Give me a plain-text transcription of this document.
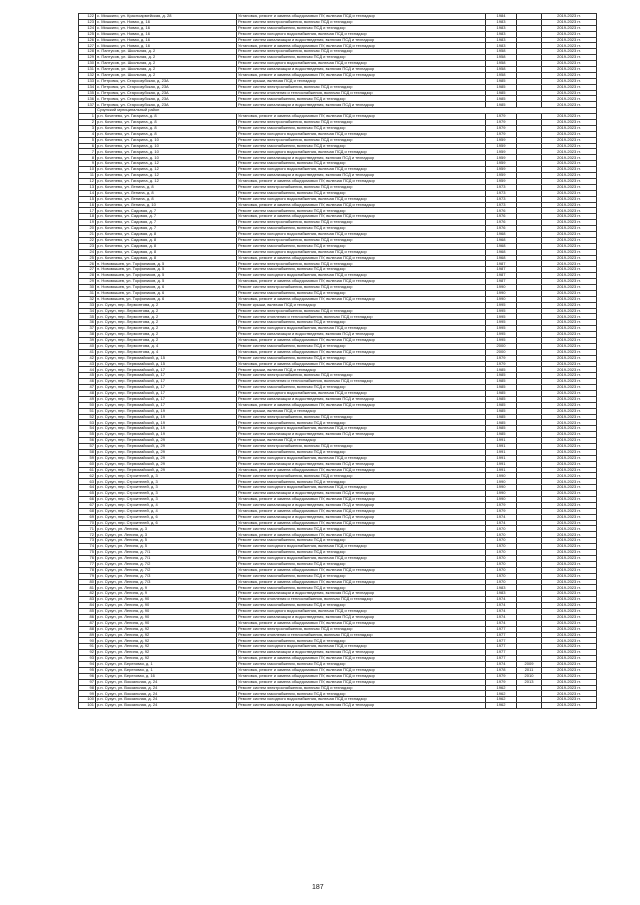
122	с. Мишкино, ул. Красноармейская, д. 28	Установка, ремонт и замена общедомовых ПУ, включая ПСД и технадзор	1984		2019-2023 гг.
123	с. Мишкино, ул. Новая, д. 16	Ремонт систем электроснабжения, включая ПСД и технадзор	1983		2019-2023 гг.
124	с. Мишкино, ул. Новая, д. 16	Ремонт систем газоснабжения, включая ПСД и технадзор	1983		2019-2023 гг.
125	с. Мишкино, ул. Новая, д. 16	Ремонт систем холодного водоснабжения, включая ПСД и технадзор	1983		2019-2023 гг.
126	с. Мишкино, ул. Новая, д. 16	Ремонт систем канализации и водоотведения, включая ПСД и технадзор	1983		2019-2023 гг.
127	с. Мишкино, ул. Новая, д. 16	Установка, ремонт и замена общедомовых ПУ, включая ПСД и технадзор	1983		2019-2023 гг.
128	п. Пантусов, ул. Школьная, д. 2	Ремонт систем электроснабжения, включая ПСД и технадзор	1958		2019-2023 гг.
129	п. Пантусов, ул. Школьная, д. 2	Ремонт систем газоснабжения, включая ПСД и технадзор	1958		2019-2023 гг.
130	п. Пантусов, ул. Школьная, д. 2	Ремонт систем холодного водоснабжения, включая ПСД и технадзор	1958		2019-2023 гг.
131	п. Пантусов, ул. Школьная, д. 2	Ремонт систем канализации и водоотведения, включая ПСД и технадзор	1958		2019-2023 гг.
132	п. Пантусов, ул. Школьная, д. 2	Установка, ремонт и замена общедомовых ПУ, включая ПСД и технадзор	1958		2019-2023 гг.
133	с. Петровск, ул. Староозубская, д. 23А	Ремонт крыши, включая ПСД и технадзор	1985		2019-2023 гг.
134	с. Петровск, ул. Староозубская, д. 23А	Ремонт систем электроснабжения, включая ПСД и технадзор	1985		2019-2023 гг.
135	с. Петровск, ул. Староозубская, д. 23А	Ремонт систем отопления и теплоснабжения, включая ПСД и технадзор	1985		2019-2023 гг.
136	с. Петровск, ул. Староозубская, д. 23А	Ремонт систем газоснабжения, включая ПСД и технадзор	1985		2019-2023 гг.
137	с. Петровск, ул. Староозубская, д. 23А	Ремонт систем канализации и водоотведения, включая ПСД и технадзор	1985		2019-2023 гг.
	Сузунский муниципальный район				
1	р.п. Коченево, ул. Гагарина, д. 8	Установка, ремонт и замена общедомовых ПУ, включая ПСД и технадзор	1979		2019-2023 гг.
2	р.п. Коченево, ул. Гагарина, д. 8	Ремонт систем электроснабжения, включая ПСД и технадзор	1979		2019-2023 гг.
3	р.п. Коченево, ул. Гагарина, д. 8	Ремонт систем газоснабжения, включая ПСД и технадзор	1979		2019-2023 гг.
4	р.п. Коченево, ул. Гагарина, д. 8	Ремонт систем холодного водоснабжения, включая ПСД и технадзор	1979		2019-2023 гг.
5	р.п. Коченево, ул. Гагарина, д. 10	Ремонт систем электроснабжения, включая ПСД и технадзор	1959		2019-2023 гг.
6	р.п. Коченево, ул. Гагарина, д. 10	Ремонт систем газоснабжения, включая ПСД и технадзор	1959		2019-2023 гг.
7	р.п. Коченево, ул. Гагарина, д. 10	Ремонт систем холодного водоснабжения, включая ПСД и технадзор	1959		2019-2023 гг.
8	р.п. Коченево, ул. Гагарина, д. 10	Ремонт систем канализации и водоотведения, включая ПСД и технадзор	1959		2019-2023 гг.
9	р.п. Коченево, ул. Гагарина, д. 12	Ремонт систем газоснабжения, включая ПСД и технадзор	1959		2019-2023 гг.
10	р.п. Коченево, ул. Гагарина, д. 12	Ремонт систем холодного водоснабжения, включая ПСД и технадзор	1959		2019-2023 гг.
11	р.п. Коченево, ул. Гагарина, д. 12	Ремонт систем канализации и водоотведения, включая ПСД и технадзор	1959		2019-2023 гг.
12	р.п. Коченево, ул. Гагарина, д. 12	Установка, ремонт и замена общедомовых ПУ, включая ПСД и технадзор	1959		2019-2023 гг.
13	р.п. Коченево, ул. Ленина, д. 8	Ремонт систем электроснабжения, включая ПСД и технадзор	1973		2019-2023 гг.
14	р.п. Коченево, ул. Ленина, д. 8	Ремонт систем газоснабжения, включая ПСД и технадзор	1973		2019-2023 гг.
15	р.п. Коченево, ул. Ленина, д. 8	Ремонт систем холодного водоснабжения, включая ПСД и технадзор	1973		2019-2023 гг.
16	р.п. Коченево, ул. Ленина, д. 10	Установка, ремонт и замена общедомовых ПУ, включая ПСД и технадзор	1973		2019-2023 гг.
17	р.п. Коченево, ул. Садовая, д. 7	Ремонт систем газоснабжения, включая ПСД и технадзор	1976		2019-2023 гг.
18	р.п. Коченево, ул. Садовая, д. 7	Установка, ремонт и замена общедомовых ПУ, включая ПСД и технадзор	1976		2019-2023 гг.
19	р.п. Коченево, ул. Садовая, д. 7	Ремонт систем электроснабжения, включая ПСД и технадзор	1976		2019-2023 гг.
20	р.п. Коченево, ул. Садовая, д. 7	Ремонт систем газоснабжения, включая ПСД и технадзор	1976		2019-2023 гг.
21	р.п. Коченево, ул. Садовая, д. 8	Ремонт систем холодного водоснабжения, включая ПСД и технадзор	1968		2019-2023 гг.
22	р.п. Коченево, ул. Садовая, д. 8	Ремонт систем электроснабжения, включая ПСД и технадзор	1968		2019-2023 гг.
23	р.п. Коченево, ул. Садовая, д. 8	Ремонт систем газоснабжения, включая ПСД и технадзор	1968		2019-2023 гг.
24	р.п. Коченево, ул. Садовая, д. 8	Ремонт систем холодного водоснабжения, включая ПСД и технадзор	1968		2019-2023 гг.
25	р.п. Коченево, ул. Садовая, д. 8	Установка, ремонт и замена общедомовых ПУ, включая ПСД и технадзор	1968		2019-2023 гг.
26	п. Новомышев, ул. Торфяников, д. 5	Ремонт систем электроснабжения, включая ПСД и технадзор	1987		2019-2023 гг.
27	п. Новомышев, ул. Торфяников, д. 5	Ремонт систем газоснабжения, включая ПСД и технадзор	1987		2019-2023 гг.
28	п. Новомышев, ул. Торфяников, д. 5	Ремонт систем холодного водоснабжения, включая ПСД и технадзор	1987		2019-2023 гг.
29	п. Новомышев, ул. Торфяников, д. 5	Установка, ремонт и замена общедомовых ПУ, включая ПСД и технадзор	1987		2019-2023 гг.
30	п. Новомышев, ул. Торфяников, д. 6	Ремонт систем электроснабжения, включая ПСД и технадзор	1990		2019-2023 гг.
31	п. Новомышев, ул. Торфяников, д. 6	Ремонт систем газоснабжения, включая ПСД и технадзор	1990		2019-2023 гг.
32	п. Новомышев, ул. Торфяников, д. 6	Установка, ремонт и замена общедомовых ПУ, включая ПСД и технадзор	1990		2019-2023 гг.
33	р.п. Сузун, пер. Лермонтова, д. 2	Ремонт крыши, включая ПСД и технадзор	1995		2019-2023 гг.
34	р.п. Сузун, пер. Лермонтова, д. 2	Ремонт систем электроснабжения, включая ПСД и технадзор	1995		2019-2023 гг.
35	р.п. Сузун, пер. Лермонтова, д. 2	Ремонт систем отопления и теплоснабжения, включая ПСД и технадзор	1995		2019-2023 гг.
36	р.п. Сузун, пер. Лермонтова, д. 2	Ремонт систем газоснабжения, включая ПСД и технадзор	1995		2019-2023 гг.
37	р.п. Сузун, пер. Лермонтова, д. 2	Ремонт систем холодного водоснабжения, включая ПСД и технадзор	1995		2019-2023 гг.
38	р.п. Сузун, пер. Лермонтова, д. 2	Ремонт систем канализации и водоотведения, включая ПСД и технадзор	1995		2019-2023 гг.
39	р.п. Сузун, пер. Лермонтова, д. 2	Установка, ремонт и замена общедомовых ПУ, включая ПСД и технадзор	1995		2019-2023 гг.
40	р.п. Сузун, пер. Лермонтова, д. 4	Ремонт систем газоснабжения, включая ПСД и технадзор	2000		2019-2023 гг.
41	р.п. Сузун, пер. Лермонтова, д. 4	Установка, ремонт и замена общедомовых ПУ, включая ПСД и технадзор	2000		2019-2023 гг.
42	р.п. Сузун, пер. Первомайский, д. 15	Ремонт систем газоснабжения, включая ПСД и технадзор	1979		2019-2023 гг.
43	р.п. Сузун, пер. Первомайский, д. 15	Установка, ремонт и замена общедомовых ПУ, включая ПСД и технадзор	1979		2019-2023 гг.
44	р.п. Сузун, пер. Первомайский, д. 17	Ремонт крыши, включая ПСД и технадзор	1985		2019-2023 гг.
45	р.п. Сузун, пер. Первомайский, д. 17	Ремонт систем электроснабжения, включая ПСД и технадзор	1985		2019-2023 гг.
46	р.п. Сузун, пер. Первомайский, д. 17	Ремонт систем отопления и теплоснабжения, включая ПСД и технадзор	1985		2019-2023 гг.
47	р.п. Сузун, пер. Первомайский, д. 17	Ремонт систем газоснабжения, включая ПСД и технадзор	1985		2019-2023 гг.
48	р.п. Сузун, пер. Первомайский, д. 17	Ремонт систем холодного водоснабжения, включая ПСД и технадзор	1985		2019-2023 гг.
49	р.п. Сузун, пер. Первомайский, д. 17	Ремонт систем канализации и водоотведения, включая ПСД и технадзор	1985		2019-2023 гг.
50	р.п. Сузун, пер. Первомайский, д. 17	Установка, ремонт и замена общедомовых ПУ, включая ПСД и технадзор	1985		2019-2023 гг.
51	р.п. Сузун, пер. Первомайский, д. 19	Ремонт крыши, включая ПСД и технадзор	1985		2019-2023 гг.
52	р.п. Сузун, пер. Первомайский, д. 19	Ремонт систем электроснабжения, включая ПСД и технадзор	1985		2019-2023 гг.
53	р.п. Сузун, пер. Первомайский, д. 19	Ремонт систем газоснабжения, включая ПСД и технадзор	1985		2019-2023 гг.
54	р.п. Сузун, пер. Первомайский, д. 19	Ремонт систем холодного водоснабжения, включая ПСД и технадзор	1985		2019-2023 гг.
55	р.п. Сузун, пер. Первомайский, д. 19	Ремонт систем канализации и водоотведения, включая ПСД и технадзор	1985		2019-2023 гг.
56	р.п. Сузун, пер. Первомайский, д. 29	Ремонт крыши, включая ПСД и технадзор	1991		2019-2023 гг.
57	р.п. Сузун, пер. Первомайский, д. 29	Ремонт систем электроснабжения, включая ПСД и технадзор	1991		2019-2023 гг.
58	р.п. Сузун, пер. Первомайский, д. 29	Ремонт систем газоснабжения, включая ПСД и технадзор	1991		2019-2023 гг.
59	р.п. Сузун, пер. Первомайский, д. 29	Ремонт систем холодного водоснабжения, включая ПСД и технадзор	1991		2019-2023 гг.
60	р.п. Сузун, пер. Первомайский, д. 29	Ремонт систем канализации и водоотведения, включая ПСД и технадзор	1991		2019-2023 гг.
61	р.п. Сузун, пер. Первомайский, д. 29	Установка, ремонт и замена общедомовых ПУ, включая ПСД и технадзор	1991		2019-2023 гг.
62	р.п. Сузун, пер. Строителей, д. 3	Ремонт систем электроснабжения, включая ПСД и технадзор	1990		2019-2023 гг.
63	р.п. Сузун, пер. Строителей, д. 3	Ремонт систем газоснабжения, включая ПСД и технадзор	1990		2019-2023 гг.
64	р.п. Сузун, пер. Строителей, д. 3	Ремонт систем холодного водоснабжения, включая ПСД и технадзор	1990		2019-2023 гг.
65	р.п. Сузун, пер. Строителей, д. 3	Ремонт систем канализации и водоотведения, включая ПСД и технадзор	1990		2019-2023 гг.
66	р.п. Сузун, пер. Строителей, д. 3	Установка, ремонт и замена общедомовых ПУ, включая ПСД и технадзор	1990		2019-2023 гг.
67	р.п. Сузун, пер. Строителей, д. 4	Ремонт систем канализации и водоотведения, включая ПСД и технадзор	1979		2019-2023 гг.
68	р.п. Сузун, пер. Строителей, д. 4	Установка, ремонт и замена общедомовых ПУ, включая ПСД и технадзор	1979		2019-2023 гг.
69	р.п. Сузун, пер. Строителей, д. 6	Ремонт систем канализации и водоотведения, включая ПСД и технадзор	1974		2019-2023 гг.
70	р.п. Сузун, пер. Строителей, д. 6	Установка, ремонт и замена общедомовых ПУ, включая ПСД и технадзор	1974		2019-2023 гг.
71	р.п. Сузун, ул. Ленина, д. 3	Ремонт систем газоснабжения, включая ПСД и технадзор	1970		2019-2023 гг.
72	р.п. Сузун, ул. Ленина, д. 3	Установка, ремонт и замена общедомовых ПУ, включая ПСД и технадзор	1970		2019-2023 гг.
73	р.п. Сузун, ул. Ленина, д. 5	Ремонт систем газоснабжения, включая ПСД и технадзор	1970		2019-2023 гг.
74	р.п. Сузун, ул. Ленина, д. 5	Ремонт систем холодного водоснабжения, включая ПСД и технадзор	1970		2019-2023 гг.
75	р.п. Сузун, ул. Ленина, д. 7/1	Ремонт систем газоснабжения, включая ПСД и технадзор	1970		2019-2023 гг.
76	р.п. Сузун, ул. Ленина, д. 7/1	Ремонт систем холодного водоснабжения, включая ПСД и технадзор	1970		2019-2023 гг.
77	р.п. Сузун, ул. Ленина, д. 7/2	Ремонт систем газоснабжения, включая ПСД и технадзор	1970		2019-2023 гг.
78	р.п. Сузун, ул. Ленина, д. 7/2	Установка, ремонт и замена общедомовых ПУ, включая ПСД и технадзор	1970		2019-2023 гг.
79	р.п. Сузун, ул. Ленина, д. 7/3	Ремонт систем газоснабжения, включая ПСД и технадзор	1970		2019-2023 гг.
80	р.п. Сузун, ул. Ленина, д. 7/3	Установка, ремонт и замена общедомовых ПУ, включая ПСД и технадзор	1970		2019-2023 гг.
81	р.п. Сузун, ул. Ленина, д. 9	Ремонт систем газоснабжения, включая ПСД и технадзор	1983		2019-2023 гг.
82	р.п. Сузун, ул. Ленина, д. 9	Ремонт систем канализации и водоотведения, включая ПСД и технадзор	1983		2019-2023 гг.
83	р.п. Сузун, ул. Ленина, д. 90	Ремонт систем отопления и теплоснабжения, включая ПСД и технадзор	1974		2019-2023 гг.
84	р.п. Сузун, ул. Ленина, д. 90	Ремонт систем газоснабжения, включая ПСД и технадзор	1974		2019-2023 гг.
85	р.п. Сузун, ул. Ленина, д. 90	Ремонт систем холодного водоснабжения, включая ПСД и технадзор	1974		2019-2023 гг.
86	р.п. Сузун, ул. Ленина, д. 90	Ремонт систем канализации и водоотведения, включая ПСД и технадзор	1974		2019-2023 гг.
87	р.п. Сузун, ул. Ленина, д. 90	Установка, ремонт и замена общедомовых ПУ, включая ПСД и технадзор	1974		2019-2023 гг.
88	р.п. Сузун, ул. Ленина, д. 92	Ремонт систем электроснабжения, включая ПСД и технадзор	1977		2019-2023 гг.
89	р.п. Сузун, ул. Ленина, д. 92	Ремонт систем отопления и теплоснабжения, включая ПСД и технадзор	1977		2019-2023 гг.
90	р.п. Сузун, ул. Ленина, д. 92	Ремонт систем газоснабжения, включая ПСД и технадзор	1977		2019-2023 гг.
91	р.п. Сузун, ул. Ленина, д. 92	Ремонт систем холодного водоснабжения, включая ПСД и технадзор	1977		2019-2023 гг.
92	р.п. Сузун, ул. Ленина, д. 92	Ремонт систем канализации и водоотведения, включая ПСД и технадзор	1977		2019-2023 гг.
93	р.п. Сузун, ул. Ленина, д. 92	Установка, ремонт и замена общедомовых ПУ, включая ПСД и технадзор	1977		2019-2023 гг.
94	р.п. Сузун, ул. Береговая, д. 1	Ремонт систем газоснабжения, включая ПСД и технадзор	1974	2009	2019-2023 гг.
95	р.п. Сузун, ул. Береговая, д. 1	Установка, ремонт и замена общедомовых ПУ, включая ПСД и технадзор	1978	2011	2019-2023 гг.
96	р.п. Сузун, ул. Береговая, д. 16	Установка, ремонт и замена общедомовых ПУ, включая ПСД и технадзор	1979	2010	2019-2023 гг.
97	р.п. Сузун, ул. Вокзальная, д. 24	Установка, ремонт и замена общедомовых ПУ, включая ПСД и технадзор	1979	2013	2019-2023 гг.
98	р.п. Сузун, ул. Вокзальная, д. 24	Ремонт систем электроснабжения, включая ПСД и технадзор	1962		2019-2023 гг.
99	р.п. Сузун, ул. Вокзальная, д. 24	Ремонт систем газоснабжения, включая ПСД и технадзор	1962		2019-2023 гг.
100	р.п. Сузун, ул. Вокзальная, д. 24	Ремонт систем холодного водоснабжения, включая ПСД и технадзор	1962		2019-2023 гг.
101	р.п. Сузун, ул. Вокзальная, д. 24	Ремонт систем канализации и водоотведения, включая ПСД и технадзор	1962		2019-2023 гг.
187
